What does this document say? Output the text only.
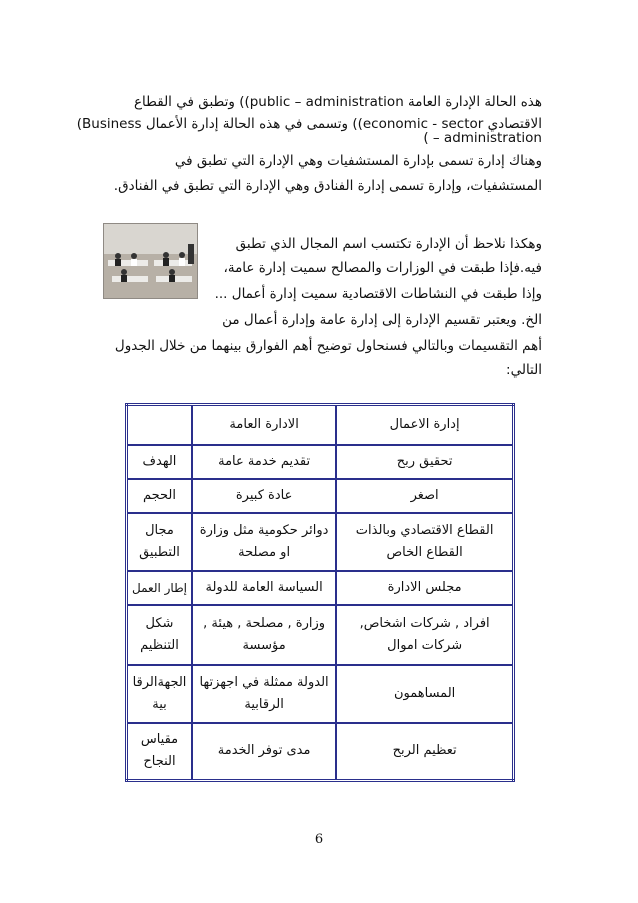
هذه الحالة الإدارة العامة public – administration)) وتطبق في القطاع
الاقتصادي economic - sector)) وتسمى في هذه الحالة إدارة الأعمال Business)
( – administration
وهناك إدارة تسمى بإدارة المستشفيات وهي الإدارة التي تطبق في
المستشفيات، وإدارة تسمى إدارة الفنادق وهي الإدارة التي تطبق في الفنادق.
وهكذا نلاحظ أن الإدارة تكتسب اسم المجال الذي تطبق
فيه.فإذا طبقت في الوزارات والمصالح سميت إدارة عامة،
وإذا طبقت في النشاطات الاقتصادية سميت إدارة أعمال ...
الخ. ويعتبر تقسيم الإدارة إلى إدارة عامة وإدارة أعمال من
أهم التقسيمات وبالتالي فسنحاول توضيح أهم الفوارق بينهما من خلال الجدول
التالي:
إدارة الاعمال	الادارة العامة	
تحقيق ربح	تقديم خدمة عامة	الهدف
اصغر	عادة كبيرة	الحجم
القطاع الاقتصادي وبالذات القطاع الخاص	دوائر حكومية مثل وزارة او مصلحة	مجال التطبيق
مجلس الادارة	السياسة العامة للدولة	إطار العمل
افراد , شركات اشخاص, شركات اموال	وزارة , مصلحة , هيئة , مؤسسة	شكل التنظيم
المساهمون	الدولة ممثلة في اجهزتها الرقابية	الجهةالرقابية
تعظيم الربح	مدى توفر الخدمة	مقياس النجاح
6
